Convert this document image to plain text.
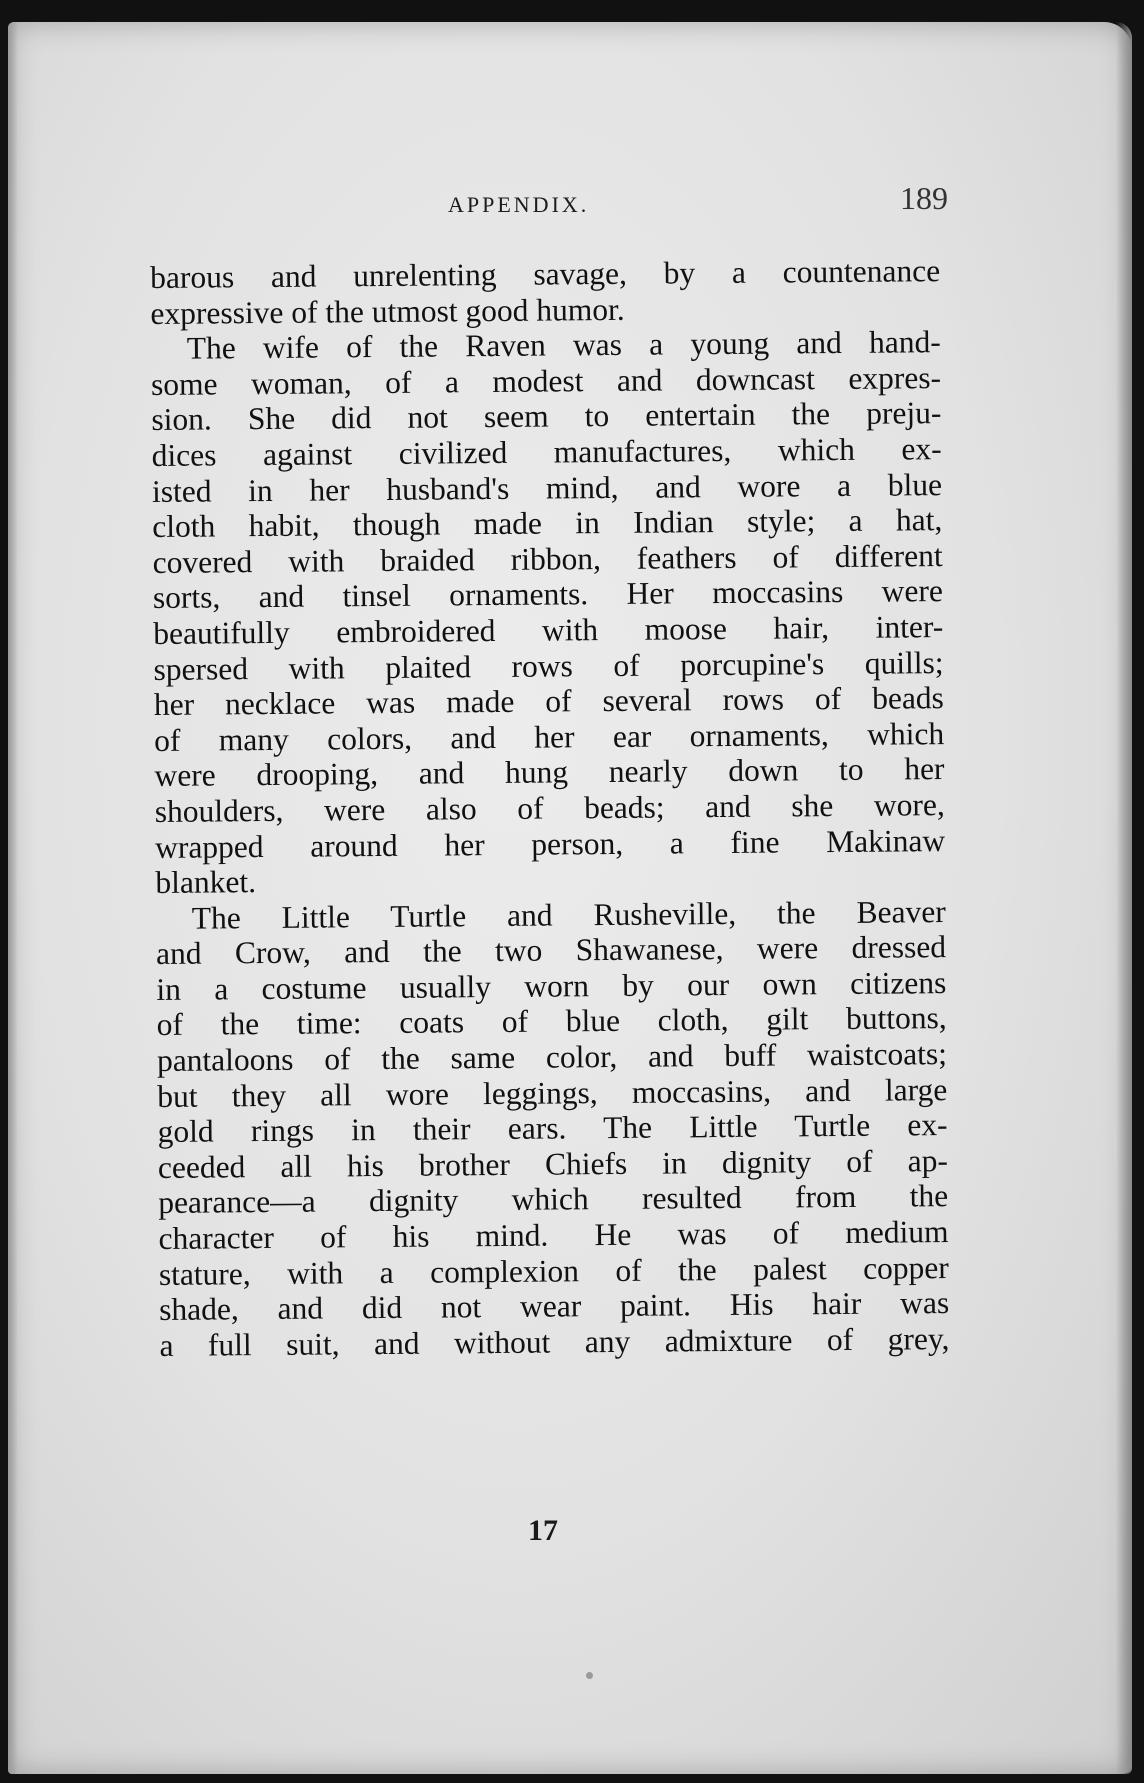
APPENDIX.	189
barous and unrelenting savage, by a countenance
expressive of the utmost good humor.
The wife of the Raven was a young and hand-
some woman, of a modest and downcast expres-
sion. She did not seem to entertain the preju-
dices against civilized manufactures, which ex-
isted in her husband's mind, and wore a blue
cloth habit, though made in Indian style; a hat,
covered with braided ribbon, feathers of different
sorts, and tinsel ornaments. Her moccasins were
beautifully embroidered with moose hair, inter-
spersed with plaited rows of porcupine's quills;
her necklace was made of several rows of beads
of many colors, and her ear ornaments, which
were drooping, and hung nearly down to her
shoulders, were also of beads; and she wore,
wrapped around her person, a fine Makinaw
blanket.
The Little Turtle and Rusheville, the Beaver
and Crow, and the two Shawanese, were dressed
in a costume usually worn by our own citizens
of the time: coats of blue cloth, gilt buttons,
pantaloons of the same color, and buff waistcoats;
but they all wore leggings, moccasins, and large
gold rings in their ears. The Little Turtle ex-
ceeded all his brother Chiefs in dignity of ap-
pearance—a dignity which resulted from the
character of his mind. He was of medium
stature, with a complexion of the palest copper
shade, and did not wear paint. His hair was
a full suit, and without any admixture of grey,
17
